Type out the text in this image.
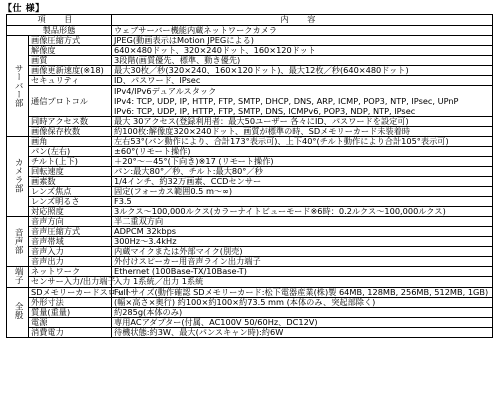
【仕 様】
項 目		内 容
製品形態		ウェブサーバー機能内蔵ネットワークカメラ
サーバー部	画像圧縮方式	JPEG(動画表示はMotion JPEGによる)

	解像度	640×480ドット、320×240ドット、160×120ドット

	画質	3段階(画質優先、標準、動き優先)

	画像更新速度(※18)	最大30枚／秒(320×240、160×120ドット)、最大12枚／秒(640×480ドット)

	セキュリティ	ID、パスワード、IPsec

	通信プロトコル	IPv4/IPv6デュアルスタック
IPv4: TCP, UDP, IP, HTTP, FTP, SMTP, DHCP, DNS, ARP, ICMP, POP3, NTP, IPsec, UPnP
IPv6: TCP, UDP, IP, HTTP, FTP, SMTP, DNS, ICMPv6, POP3, NDP, NTP, IPsec

	同時アクセス数	最大 30アクセス(登録利用者：最大50ユーザー 各々にID、パスワードを設定可)

	画像保存枚数	約100枚:解像度320×240ドット、画質が標準の時、SDメモリーカード未装着時

カメラ部	画角	左右53°(パン動作により、合計173°表示可)、上下40°(チルト動作により合計105°表示可)

	パン(左右)	±60°(リモート操作)

	チルト(上下)	＋20°〜－45°(下向き)※17 (リモート操作)

	回転速度	パン:最大80°／秒、チルト:最大80°／秒

	画素数	1/4インチ、約32万画素、CCDセンサー

	レンズ焦点	固定(フォーカス範囲0.5 m〜∞)

	レンズ明るさ	F3.5

	対応照度	3ルクス〜100,000ルクス(カラーナイトビューモード※6時：0.2ルクス〜100,000ルクス)

音声部	音声方向	半二重双方向

	音声圧縮方式	ADPCM 32kbps

	音声帯域	300Hz〜3.4kHz

	音声入力	内蔵マイクまたは外部マイク(別売)

	音声出力	外付けスピーカー用音声ライン出力端子

端子	ネットワーク	Ethernet (100Base-TX/10Base-T)

	センサー入力/出力端子	入力 1系統／出力 1系統

全般	SDメモリーカードスロット	Full サイズ(動作確認 SDメモリーカード:松下電器産業(株)製 64MB, 128MB, 256MB, 512MB, 1GB)

	外形寸法	(幅×高さ×奥行) 約100×約100×約73.5 mm (本体のみ、突起部除く)

	質量(重量)	約285g(本体のみ)

	電源	専用ACアダプター(付属、AC100V 50/60Hz、DC12V)

	消費電力	待機状態:約3W、最大(パンスキャン時):約6W
